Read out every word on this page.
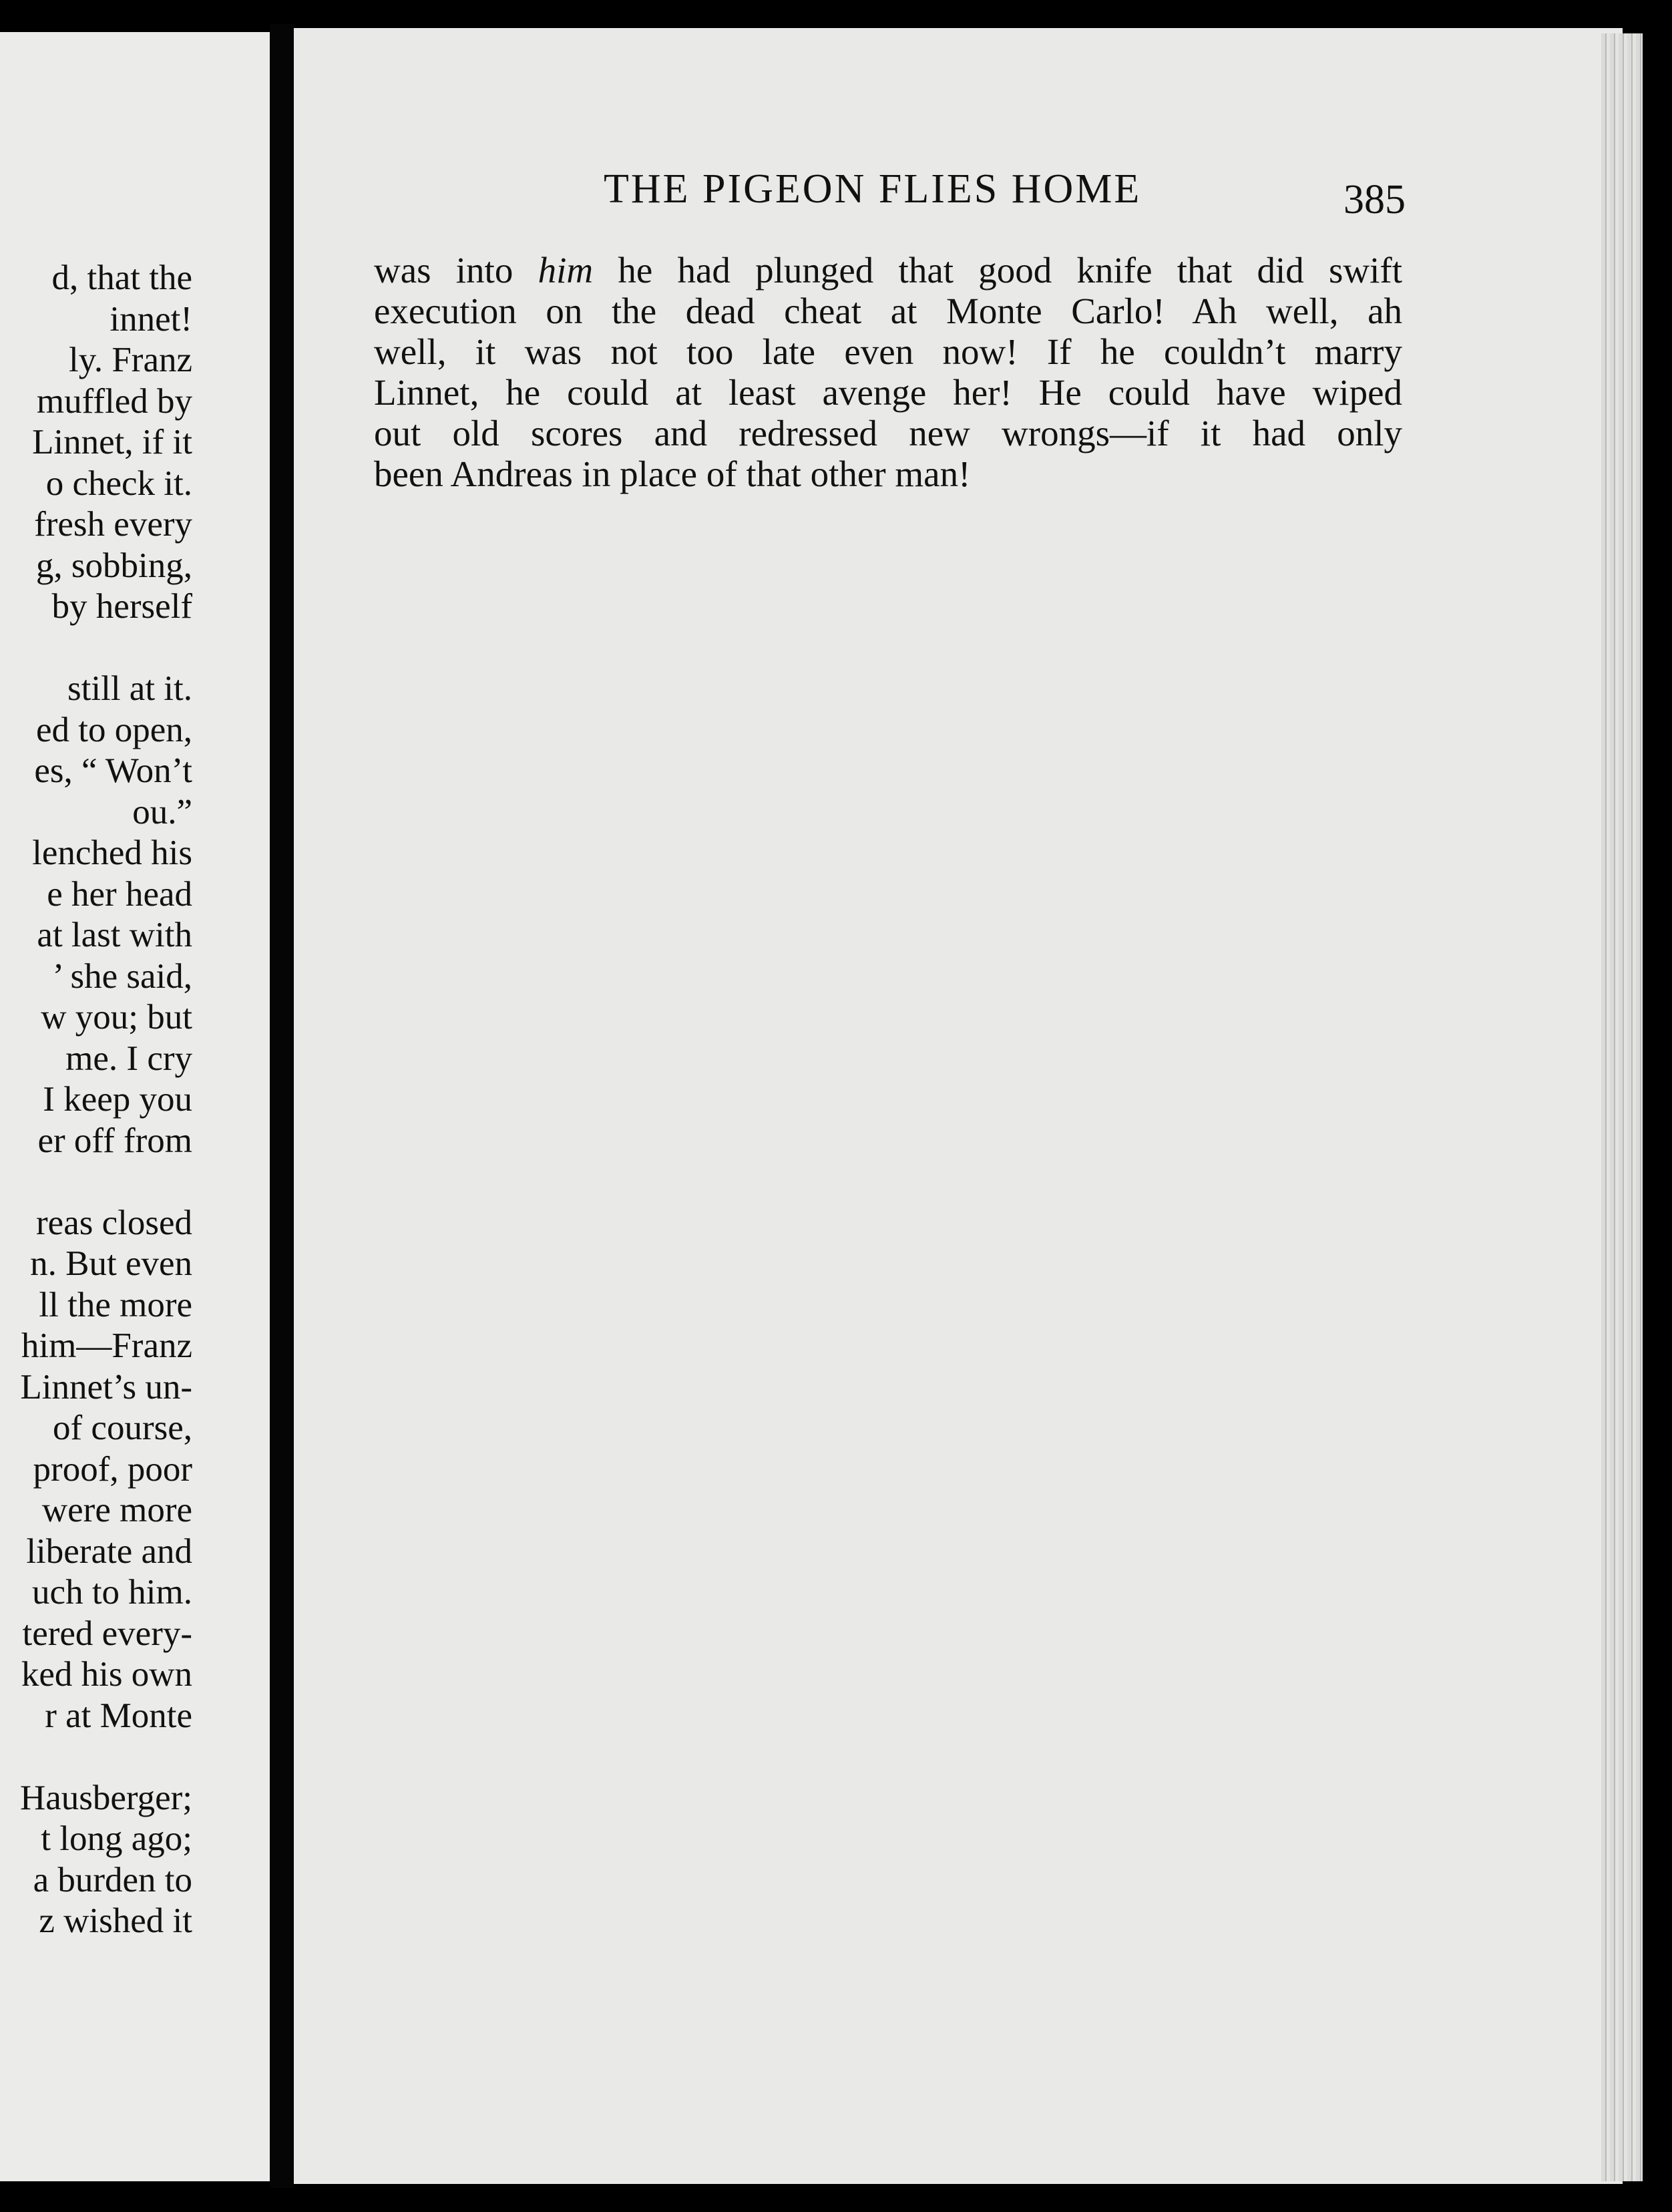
d, that the
innet!
ly. Franz
muffled by
Linnet, if it
o check it.
fresh every
g, sobbing,
by herself
still at it.
ed to open,
es, “ Won’t
ou.”
lenched his
e her head
at last with
’ she said,
w you; but
me. I cry
I keep you
er off from
reas closed
n. But even
ll the more
him—Franz
Linnet’s un-
of course,
proof, poor
were more
liberate and
uch to him.
tered every-
ked his own
r at Monte
Hausberger;
t long ago;
a burden to
z wished it
THE PIGEON FLIES HOME	385
was into him he had plunged that good knife that did swift
execution on the dead cheat at Monte Carlo! Ah well, ah
well, it was not too late even now! If he couldn’t marry
Linnet, he could at least avenge her! He could have wiped
out old scores and redressed new wrongs—if it had only
been Andreas in place of that other man!
